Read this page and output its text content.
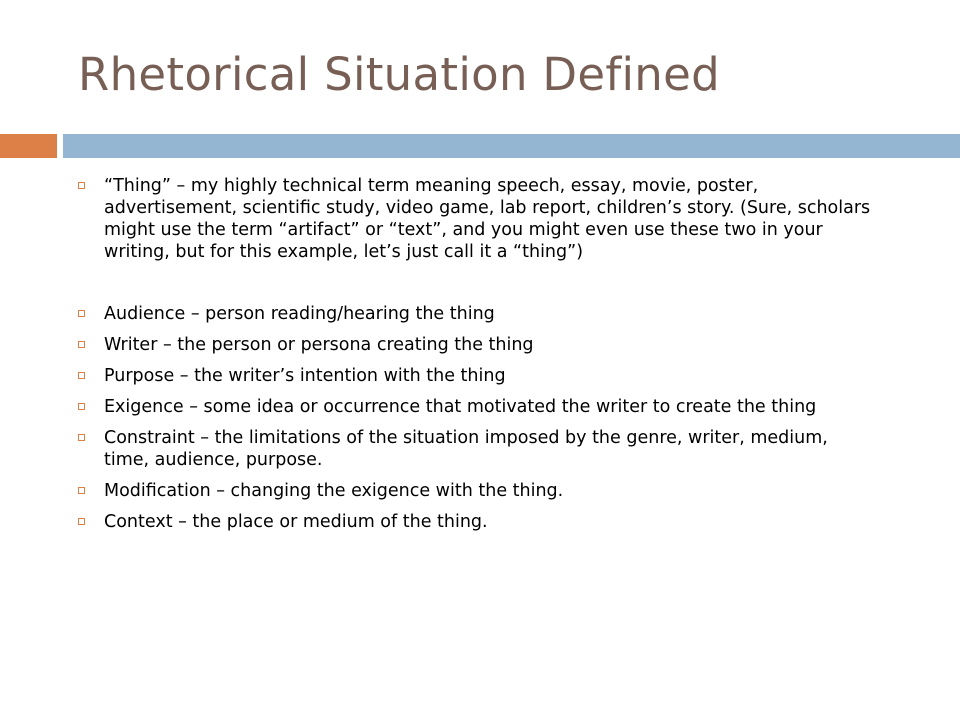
Rhetorical Situation Defined
“Thing” – my highly technical term meaning speech, essay, movie, poster, advertisement, scientific study, video game, lab report, children’s story. (Sure, scholars might use the term “artifact” or “text”, and you might even use these two in your writing, but for this example, let’s just call it a “thing”)
Audience – person reading/hearing the thing
Writer – the person or persona creating the thing
Purpose – the writer’s intention with the thing
Exigence – some idea or occurrence that motivated the writer to create the thing
Constraint – the limitations of the situation imposed by the genre, writer, medium, time, audience, purpose.
Modification – changing the exigence with the thing.
Context – the place or medium of the thing.
